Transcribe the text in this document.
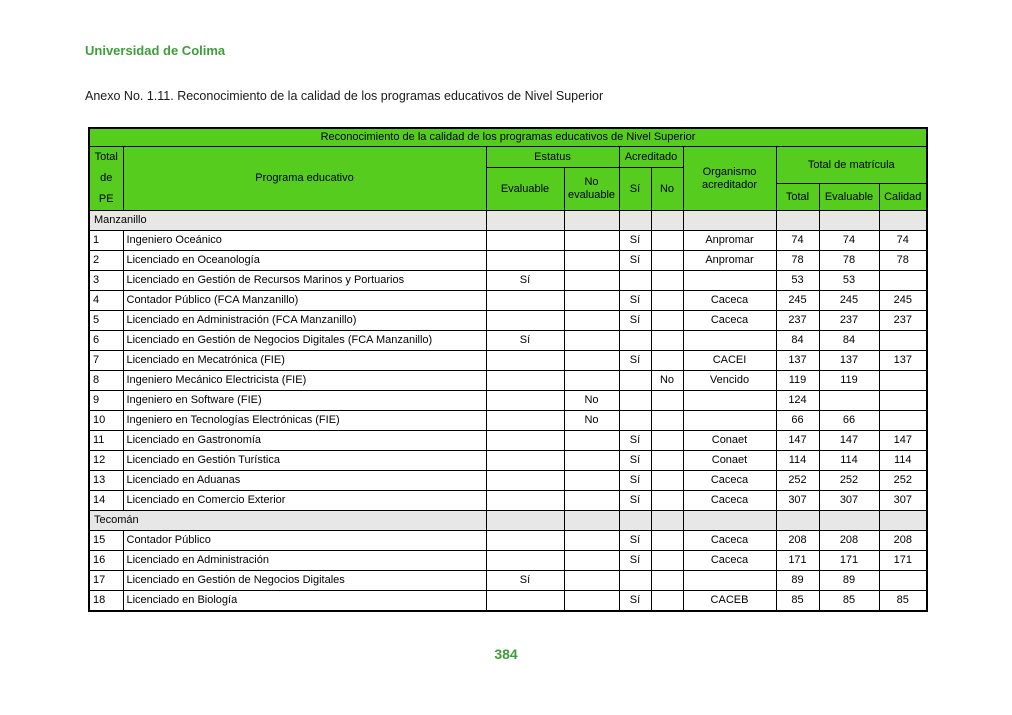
Universidad de Colima
Anexo No. 1.11. Reconocimiento de la calidad de los programas educativos de Nivel Superior
Reconocimiento de la calidad de los programas educativos de Nivel Superior									
Total de PE	Programa educativo	Estatus		Acreditado		Organismo acreditador	Total de matrícula		
		Evaluable	No evaluable	Sí	No				
							Total	Evaluable	Calidad
Manzanillo									
1	Ingeniero Oceánico			Sí		Anpromar	74	74	74
2	Licenciado en Oceanología			Sí		Anpromar	78	78	78
3	Licenciado en Gestión de Recursos Marinos y Portuarios	Sí					53	53	
4	Contador Público (FCA Manzanillo)			Sí		Caceca	245	245	245
5	Licenciado en Administración (FCA Manzanillo)			Sí		Caceca	237	237	237
6	Licenciado en Gestión de Negocios Digitales (FCA Manzanillo)	Sí					84	84	
7	Licenciado en Mecatrónica (FIE)			Sí		CACEI	137	137	137
8	Ingeniero Mecánico Electricista (FIE)				No	Vencido	119	119	
9	Ingeniero en Software (FIE)		No				124		
10	Ingeniero en Tecnologías Electrónicas (FIE)		No				66	66	
11	Licenciado en Gastronomía			Sí		Conaet	147	147	147
12	Licenciado en Gestión Turística			Sí		Conaet	114	114	114
13	Licenciado en Aduanas			Sí		Caceca	252	252	252
14	Licenciado en Comercio Exterior			Sí		Caceca	307	307	307
Tecomán									
15	Contador Público			Sí		Caceca	208	208	208
16	Licenciado en Administración			Sí		Caceca	171	171	171
17	Licenciado en Gestión de Negocios Digitales	Sí					89	89	
18	Licenciado en Biología			Sí		CACEB	85	85	85
384
